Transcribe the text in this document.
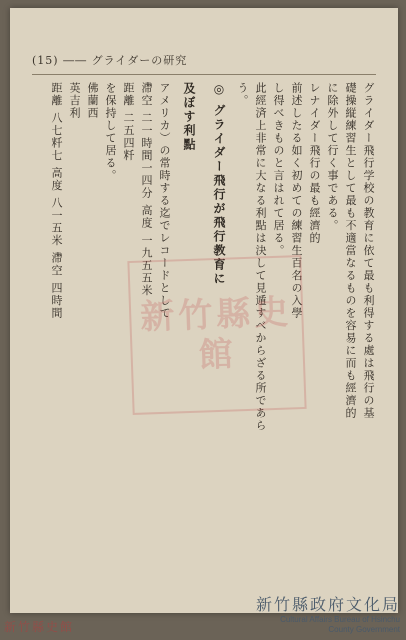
(15) ―― グライダーの研究
グライダー飛行学校の教育に依て最も利得する處は飛行の基
礎操縦練習生として最も不適當なるものを容易に而も經濟的
に除外して行く事である。
レナイダー飛行の最も經濟的
前述したる如く初めての練習生百名の入學
し得べきものと言はれて居る。
此經済上非常に大なる利點は決して見遁すべからざる所であら
う。
◎ グライダー飛行が飛行教育に
及ぼす利點
アメリカ）の常時する迄でレコードとして
滯空 二一時間一四分 高度 一九五五米
距離 二五四粁
を保持して居る。
佛蘭西
英吉利
距離 八七粁七 高度 八一五米 滯空 四時間	新竹縣史館
新竹縣史館
新竹縣政府文化局
Cultural Affairs Bureau of Hsinchu
County Government
